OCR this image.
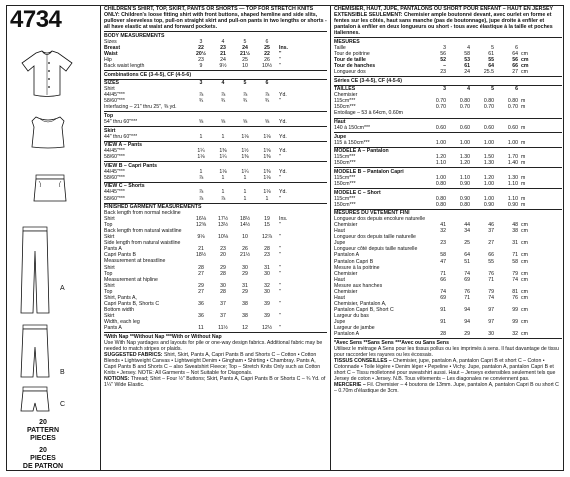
4734
A
B
C
20
PATTERN
PIECES
20
PIECES
DE PATRON
CHILDREN'S SHIRT, TOP, SKIRT, PANTS OR SHORTS — TOP FOR STRETCH KNITS ONLY: Children's loose fitting shirt with front buttons, shaped hemline and side slits, pullover sleeveless top, pull-on straight skirt and pull-on pants in two lengths or shorts - all have elastic at waist and forward pockets.
BODY MEASUREMENTS
Sizes	3	4	5	6
Breast	22	23	24	25	Ins.
Waist	20½	21	21½	22	"
Hip	23	24	25	26	"
Back waist length	9	9½	10	10½	"
Combinations CE (3-4-5), CF (4-5-6)
SIZES	3	4	5	6
Shirt
44/45"***	⅞	⅞	⅞	⅞	Yd.
58/60"***	¾	¾	¾	¾	"
Interfacing – 21" thru 25", ⅜ yd.
Top
54" thru 60"***	⅝	⅝	⅝	⅝	Yd.
Skirt
44" thru 60"***	1	1	1⅛	1⅛	Yd.
VIEW A – Pants
44/45"***	1¼	1⅜	1½	1⅝	Yd.
58/60"***	1⅛	1¼	1⅜	1⅜	"
VIEW B – Capri Pants
44/45"***	1	1⅛	1¼	1⅜	Yd.
58/60"***	⅞	1	1	1⅛	"
VIEW C – Shorts
44/45"***	⅞	1	1	1⅛	Yd.
58/60"***	⅞	⅞	1	1	"
FINISHED GARMENT MEASUREMENTS
Back length from normal neckline
Shirt	16⅛	17½	18½	19	Ins.
Top	12⅝	13½	14½	15	"
Back length from natural waistline
Skirt	9⅛	10⅛	10	12⅞	"
Side length from natural waistline
Pants A	21	23	26	28	"
Capri Pants B	18½	20	21½	23	"
Measurement at breastline
Shirt	28	29	30	31	"
Top	27	28	29	30	"
Measurement at hipline
Shirt	29	30	31	32	"
Top	27	28	29	30	"
Shirt, Pants A,
Capri Pants B, Shorts C	36	37	38	39	"
Bottom width
Skirt	36	37	38	39	"
Width, each leg
Pants A	11	11½	12	12½	"
*With Nap **Without Nap ***With or Without Nap
Use With Nap yardages and layouts for pile or one-way design fabrics. Additional fabric may be needed to match stripes or plaids.
SUGGESTED FABRICS: Shirt, Skirt, Pants A, Capri Pants B and Shorts C – Cotton • Cotton Blends • Lightweight Canvas • Lightweight Denim • Gingham • Shirting • Chambray. Pants A, Capri Pants B and Shorts C – also Sweatshirt Fleece; Top – Stretch Knits Only such as Cotton Knits • Jersey. NOTE: All Garments – Not Suitable for Diagonals.
NOTIONS: Thread; Shirt – Four ½" Buttons; Skirt, Pants A, Capri Pants B or Shorts C – ¾ Yd. of 1¼" Wide Elastic.
CHEMISIER, HAUT, JUPE, PANTALONS OU SHORT POUR ENFANT – HAUT EN JERSEY EXTENSIBLE SEULEMENT: Chemisier ample boutonné devant, avec ourlet en forme et fentes sur les côtés, haut sans manche (pas de boutonnage), jupe droite à enfiler et pantalon à enfiler en deux longueurs ou short - tous avec élastique à la taille et poches italiennes.
MESURES
Taille	3	4	5	6
Tour de poitrine	56	58	61	64 cm
Tour de taille	52	53	55	56 cm
Tour de hanches	–	61	64	66 cm
Longueur dos	23	24	25.5	27 cm
Séries CE (3-4-5), CF (4-5-6)
TAILLES	3	4	5	6
Chemisier
115cm***	0.70	0.80	0.80	0.80 m
150cm***	0.70	0.70	0.70	0.70 m
Entoilage – 53 à 64cm, 0.60m
Haut
140 à 150cm***	0.60	0.60	0.60	0.60 m
Jupe
115 à 150cm***	1.00	1.00	1.00	1.00 m
MODELE A – Pantalon
115cm***	1.20	1.30	1.50	1.70 m
150cm***	1.10	1.20	1.30	1.40 m
MODELE B – Pantalon Capri
115cm***	1.00	1.10	1.20	1.30 m
150cm***	0.80	0.90	1.00	1.10 m
MODELE C – Short
115cm***	0.80	0.90	1.00	1.10 m
150cm***	0.80	0.80	0.90	0.90 m
MESURES DU VETEMENT FINI
Longueur dos depuis encolure naturelle
Chemisier	41	44	46	48 cm
Haut	32	34	37	38 cm
Longueur dos depuis taille naturelle
Jupe	23	25	27	31 cm
Longueur côté depuis taille naturelle
Pantalon A	58	64	66	71 cm
Pantalon Capri B	47	51	55	58 cm
Mesure à la poitrine
Chemisier	71	74	76	79 cm
Haut	66	69	71	74 cm
Mesure aux hanches
Chemisier	74	76	79	81 cm
Haut	69	71	74	76 cm
Chemisier, Pantalon A,
Pantalon Capri B, Short C	91	94	97	99 cm
Largeur du bas
Jupe	91	94	97	99 cm
Largeur de jambe
Pantalon A	28	29	30	32 cm
*Avec Sens **Sans Sens ***Avec ou Sans Sens
Utilisez le métrage A Sens pour les tissus pollus ou les imprimés à sens. Il faut davantage de tissu pour raccorder les rayures ou les écossais.
TISSUS CONSEILLES – Chemisier, jupe, pantalon A, pantalon Capri B et short C – Coton • Cotonnade • Toile légère • Denim léger • Pepeline • Vichy. Jupe, pantalon A, pantalon Capri B et short C – Tissu molletonné pour sweatshirt aussi. Haut – Jerseys extensibles seulement tels que Jersey de coton • Jersey. N.B. Tous vêtements – Les diagonales ne conviennent pas.
MERCERIE – Fil. Chemisier – 4 boutons de 13mm. Jupe, pantalon A, pantalon Capri B ou short C – 0.70m d'élastique de 3cm.
